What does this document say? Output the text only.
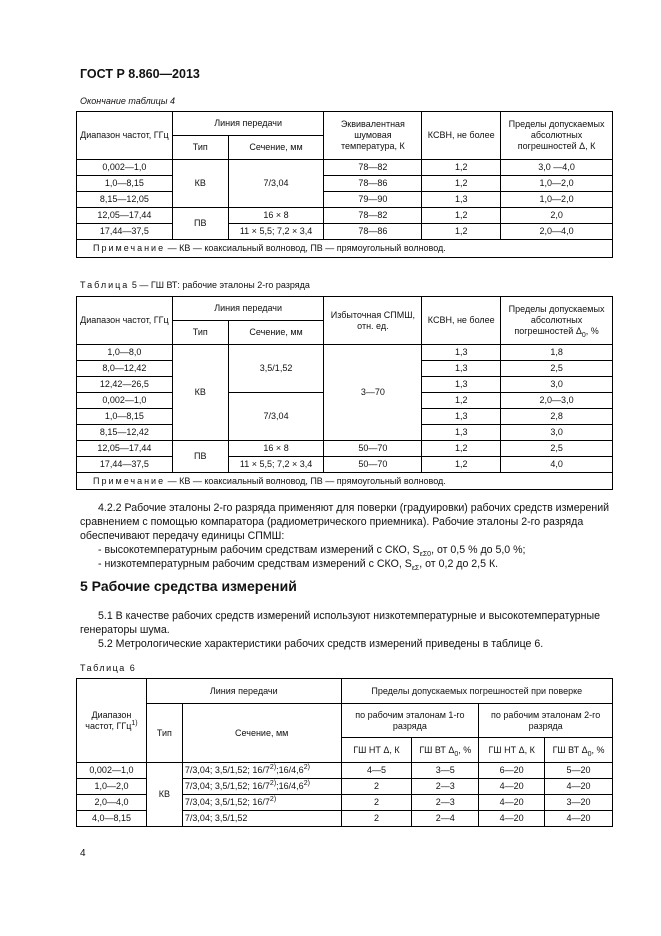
ГОСТ Р 8.860—2013
Окончание таблицы 4
Диапазон частот, ГГц	Линия передачи		Эквивалентная шумовая температура, К	КСВН, не более	Пределы допускаемых абсолютных погрешностей Δ, К
	Тип	Сечение, мм			
0,002—1,0	КВ	7/3,04	78—82	1,2	3,0 —4,0
1,0—8,15			78—86	1,2	1,0—2,0
8,15—12,05			79—90	1,3	1,0—2,0
12,05—17,44	ПВ	16 × 8	78—82	1,2	2,0
17,44—37,5		11 × 5,5; 7,2 × 3,4	78—86	1,2	2,0—4,0
Примечание — КВ — коаксиальный волновод, ПВ — прямоугольный волновод.					
Таблица 5 — ГШ ВТ: рабочие эталоны 2-го разряда
Диапазон частот, ГГц	Линия передачи		Избыточная СПМШ, отн. ед.	КСВН, не более	Пределы допускаемых абсолютных погрешностей $\Delta_0$, %
	Тип	Сечение, мм			
1,0—8,0	КВ	3,5/1,52	3—70	1,3	1,8
8,0—12,42				1,3	2,5
12,42—26,5				1,3	3,0
0,002—1,0		7/3,04		1,2	2,0—3,0
1,0—8,15				1,3	2,8
8,15—12,42				1,3	3,0
12,05—17,44	ПВ	16 × 8	50—70	1,2	2,5
17,44—37,5		11 × 5,5; 7,2 × 3,4	50—70	1,2	4,0
Примечание — КВ — коаксиальный волновод, ПВ — прямоугольный волновод.					
4.2.2 Рабочие эталоны 2-го разряда применяют для поверки (градуировки) рабочих средств измерений сравнением с помощью компаратора (радиометрического приемника). Рабочие эталоны 2-го разряда обеспечивают передачу единицы СПМШ:
- высокотемпературным рабочим средствам измерений с СКО, $S_{\varepsilon\Sigma 0}$, от 0,5 % до 5,0 %;
- низкотемпературным рабочим средствам измерений с СКО, $S_{\varepsilon\Sigma}$, от 0,2 до 2,5 К.
5 Рабочие средства измерений
5.1 В качестве рабочих средств измерений используют низкотемпературные и высокотемпературные генераторы шума.
5.2 Метрологические характеристики рабочих средств измерений приведены в таблице 6.
Таблица 6
Диапазон
частот, ГГц$^{1)}$	Линия передачи		Пределы допускаемых погрешностей при поверке			
	Тип	Сечение, мм	по рабочим эталонам 1-го разряда		по рабочим эталонам 2-го разряда	
			ГШ НТ Δ, К	ГШ ВТ $\Delta_0$, %	ГШ НТ Δ, К	ГШ ВТ $\Delta_0$, %
0,002—1,0	КВ	7/3,04; 3,5/1,52; 16/7$^{2)}$;16/4,6$^{2)}$	4—5	3—5	6—20	5—20
1,0—2,0		7/3,04; 3,5/1,52; 16/7$^{2)}$;16/4,6$^{2)}$	2	2—3	4—20	4—20
2,0—4,0		7/3,04; 3,5/1,52; 16/7$^{2)}$	2	2—3	4—20	3—20
4,0—8,15		7/3,04; 3,5/1,52	2	2—4	4—20	4—20
4
